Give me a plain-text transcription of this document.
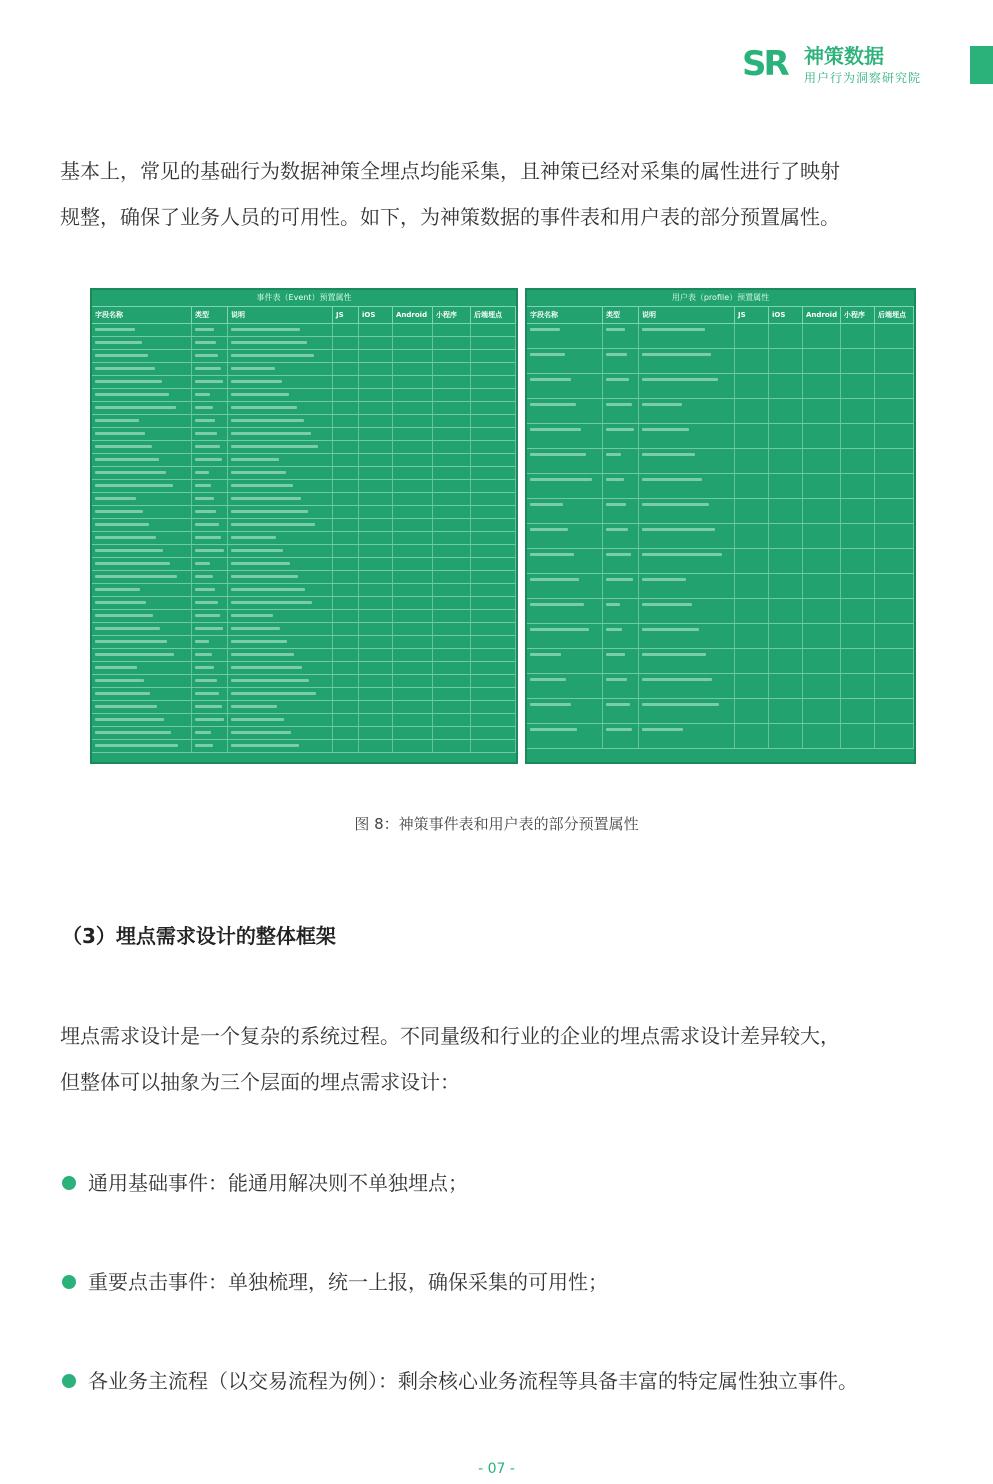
SR 神策数据
用户行为洞察研究院

基本上，常见的基础行为数据神策全埋点均能采集，且神策已经对采集的属性进行了映射

规整，确保了业务人员的可用性。如下，为神策数据的事件表和用户表的部分预置属性。

事件表（Event）预置属性
字段名称	类型	说明	JS	iOS	Android	小程序	后端埋点
用户表（profile）预置属性
字段名称	类型	说明	JS	iOS	Android 小程序	后端埋点
图 8：神策事件表和用户表的部分预置属性
（3）埋点需求设计的整体框架

埋点需求设计是一个复杂的系统过程。不同量级和行业的企业的埋点需求设计差异较大，

但整体可以抽象为三个层面的埋点需求设计：

通用基础事件：能通用解决则不单独埋点；
重要点击事件：单独梳理，统一上报，确保采集的可用性；
各业务主流程（以交易流程为例）：剩余核心业务流程等具备丰富的特定属性独立事件。
- 07 -
